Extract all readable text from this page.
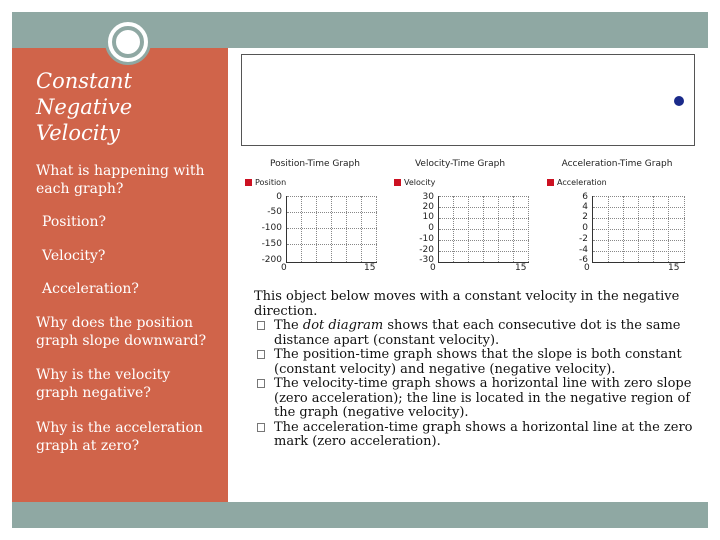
Constant
Negative
Velocity
What is happening with each graph?
Position?
Velocity?
Acceleration?
Why does the position graph slope downward?
Why is the velocity graph negative?
Why is the acceleration graph at zero?
Position-Time Graph
Position
0
-50
-100
-150
-200
0	15
Velocity-Time Graph
Velocity
30
20
10
0
-10
-20
-30
0	15
Acceleration-Time Graph
Acceleration
6
4
2
0
-2
-4
-6
0	15
This object below moves with a constant velocity in the negative direction.
The dot diagram shows that each consecutive dot is the same distance apart (constant velocity).
The position-time graph shows that the slope is both constant (constant velocity) and negative (negative velocity).
The velocity-time graph shows a horizontal line with zero slope (zero acceleration); the line is located in the negative region of the graph (negative velocity).
The acceleration-time graph shows a horizontal line at the zero mark (zero acceleration).
